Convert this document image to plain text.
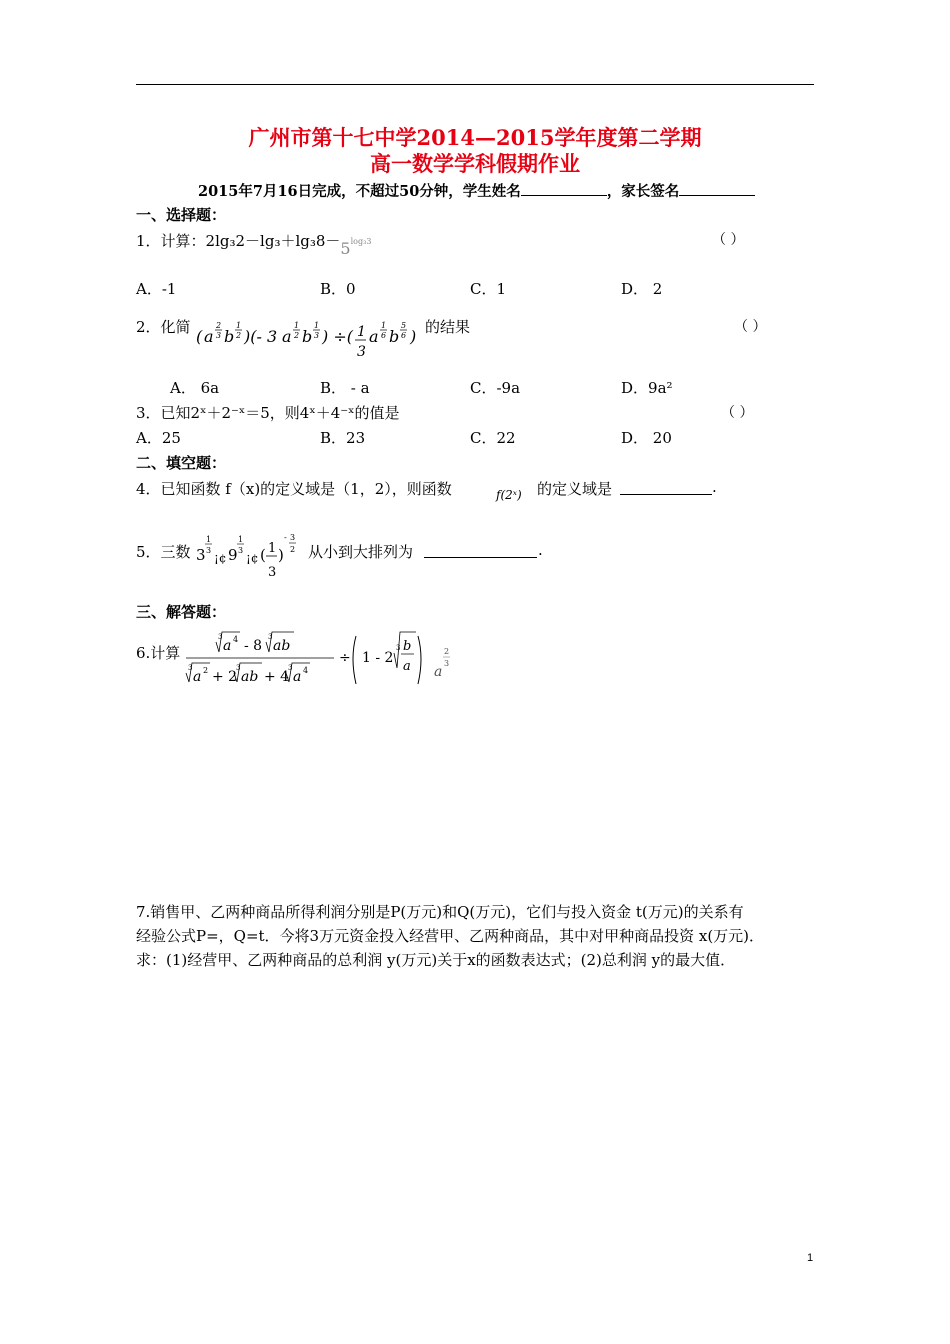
广州市第十七中学2014—2015学年度第二学期
高一数学学科假期作业
2015年7月16日完成，不超过50分钟，学生姓名	，家长签名
一、选择题：
1．计算：2lg₃2－lg₃＋lg₃8－5log₃3	（ ）
A．-1	B．0	C．1	D． 2
2．化简 ( a
2
3 b
1
2 )(- 3 a
1
2 b
1
3 ) ÷( 1
3
a
1
6 b
5
6 ) 的结果	（ ）
A． 6a	B． - a	C．-9a	D．9a²
3．已知2ˣ＋2⁻ˣ＝5，则4ˣ＋4⁻ˣ的值是	（ ）
A．25	B．23	C．22	D． 20
二、填空题：
4．已知函数 f（x)的定义域是（1，2），则函数	f(2ˣ) 的定义域是	.
5．三数 3
1
3
¡¢ 9
1
3
¡¢ ( 1
3
)
- 3
2 从小到大排列为	.
三、解答题：
6.计算
3
a 4 - 8
3
ab
3
a 2 + 2
3
ab + 4
3
a 4
÷ 1 - 2
3 b
a a
2
3
7.销售甲、乙两种商品所得利润分别是P(万元)和Q(万元)，它们与投入资金 t(万元)的关系有
经验公式P=，Q=t．今将3万元资金投入经营甲、乙两种商品，其中对甲种商品投资 x(万元)．
求：(1)经营甲、乙两种商品的总利润 y(万元)关于x的函数表达式；(2)总利润 y的最大值．
1
